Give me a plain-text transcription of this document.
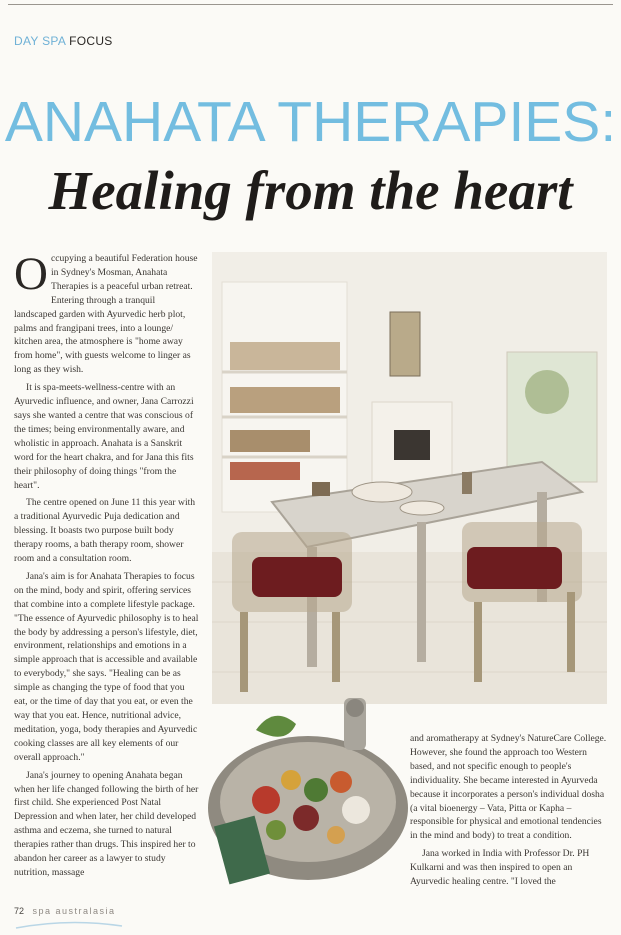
DAY SPA FOCUS
ANAHATA THERAPIES:
Healing from the heart

Occupying a beautiful Federation house in Sydney's Mosman, Anahata Therapies is a peaceful urban retreat. Entering through a tranquil landscaped garden with Ayurvedic herb plot, palms and frangipani trees, into a lounge/ kitchen area, the atmosphere is "home away from home", with guests welcome to linger as long as they wish.

It is spa-meets-wellness-centre with an Ayurvedic influence, and owner, Jana Carrozzi says she wanted a centre that was conscious of the times; being environmentally aware, and wholistic in approach. Anahata is a Sanskrit word for the heart chakra, and for Jana this fits their philosophy of doing things "from the heart".

The centre opened on June 11 this year with a traditional Ayurvedic Puja dedication and blessing. It boasts two purpose built body therapy rooms, a bath therapy room, shower room and a consultation room.

Jana's aim is for Anahata Therapies to focus on the mind, body and spirit, offering services that combine into a complete lifestyle package. "The essence of Ayurvedic philosophy is to heal the body by addressing a person's lifestyle, diet, environment, relationships and emotions in a simple approach that is accessible and available to everybody," she says. "Healing can be as simple as changing the type of food that you eat, or the time of day that you eat, or even the way that you eat. Hence, nutritional advice, meditation, yoga, body therapies and Ayurvedic cooking classes are all key elements of our overall approach."

Jana's journey to opening Anahata began when her life changed following the birth of her first child. She experienced Post Natal Depression and when later, her child developed asthma and eczema, she turned to natural therapies rather than drugs. This inspired her to abandon her career as a lawyer to study nutrition, massage

and aromatherapy at Sydney's NatureCare College. However, she found the approach too Western based, and not specific enough to people's individuality. She became interested in Ayurveda because it incorporates a person's individual dosha (a vital bioenergy – Vata, Pitta or Kapha – responsible for physical and emotional tendencies in the mind and body) to treat a condition.

Jana worked in India with Professor Dr. PH Kulkarni and was then inspired to open an Ayurvedic healing centre. "I loved the

72 spa australasia
